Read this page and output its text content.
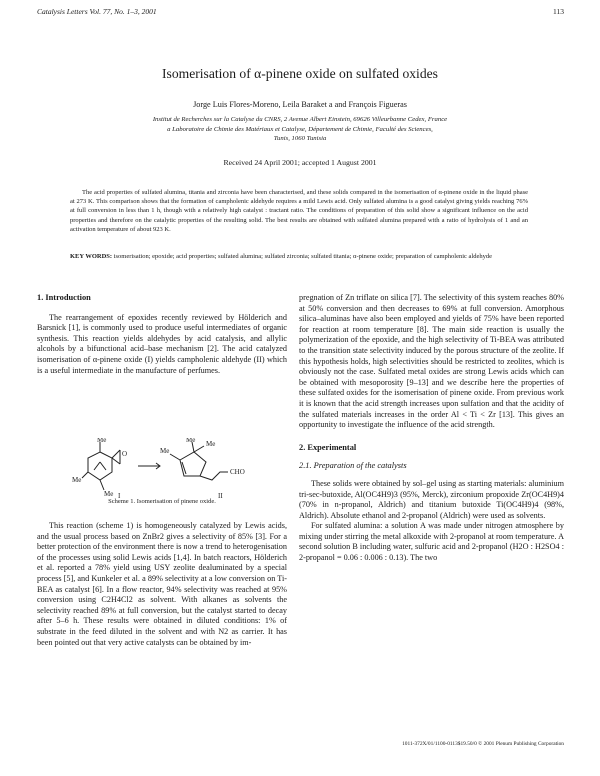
Catalysis Letters Vol. 77, No. 1–3, 2001	113
Isomerisation of α-pinene oxide on sulfated oxides
Jorge Luis Flores-Moreno, Leila Baraket a and François Figueras
Institut de Recherches sur la Catalyse du CNRS, 2 Avenue Albert Einstein, 69626 Villeurbanne Cedex, France
a Laboratoire de Chimie des Matériaux et Catalyse, Département de Chimie, Faculté des Sciences,
Tunis, 1060 Tunisia
Received 24 April 2001; accepted 1 August 2001

The acid properties of sulfated alumina, titania and zirconia have been characterised, and these solids compared in the isomerisation of α-pinene oxide in the liquid phase at 273 K. This comparison shows that the formation of campholenic aldehyde requires a mild Lewis acid. Only sulfated alumina is a good catalyst giving yields reaching 76% at full conversion in less than 1 h, though with a relatively high catalyst : tractant ratio. The conditions of preparation of this solid show a significant influence on the acid properties and therefore on the catalytic properties of the resulting solid. The best results are obtained with sulfated alumina prepared with a ratio of hydrolysis of 1 and an activation temperature of about 923 K.

KEY WORDS: isomerisation; epoxide; acid properties; sulfated alumina; sulfated zirconia; sulfated titania; α-pinene oxide; preparation of campholenic aldehyde

1. Introduction

The rearrangement of epoxides recently reviewed by Hölderich and Barsnick [1], is commonly used to produce useful intermediates of organic synthesis. This reaction yields aldehydes by acid catalysis, and allylic alcohols by a bifunctional acid–base mechanism [2]. The acid catalyzed isomerisation of α-pinene oxide (I) yields campholenic aldehyde (II) which is a useful intermediate in the manufacture of perfumes.

Me
O
Me
Me I
Me
Me Me
CHO
II
Scheme 1. Isomerisation of pinene oxide.

This reaction (scheme 1) is homogeneously catalyzed by Lewis acids, and the usual process based on ZnBr2 gives a selectivity of 85% [3]. For a better protection of the environment there is now a trend to heterogenisation of the processes using solid Lewis acids [1,4]. In batch reactors, Hölderich et al. reported a 78% yield using USY zeolite dealuminated by a special process [5], and Kunkeler et al. a 89% selectivity at a low conversion on Ti-BEA as catalyst [6]. In a flow reactor, 94% selectivity was reached at 95% conversion using C2H4Cl2 as solvent. With alkanes as solvents the selectivity reached 89% at full conversion, but the catalyst started to decay after 5–6 h. These results were obtained in diluted conditions: 1% of substrate in the feed diluted in the solvent and with N2 as carrier. It has been pointed out that very active catalysts can be obtained by im-

pregnation of Zn triflate on silica [7]. The selectivity of this system reaches 80% at 50% conversion and then decreases to 69% at full conversion. Amorphous silica–aluminas have also been employed and yields of 75% have been reported for reaction at room temperature [8]. The main side reaction is usually the polymerization of the epoxide, and the high selectivity of Ti-BEA was attributed to the transition state selectivity induced by the porous structure of the zeolite. If this hypothesis holds, high selectivities should be restricted to zeolites, which is obviously not the case. Sulfated metal oxides are strong Lewis acids which can be obtained with mesoporosity [9–13] and we describe here the properties of these sulfated oxides for the isomerisation of pinene oxide. From previous work it is known that the acid strength increases upon sulfation and that the acidity of the sulfated materials increases in the order Al < Ti < Zr [13]. This gives an opportunity to investigate the influence of the acid strength.

2. Experimental

2.1. Preparation of the catalysts

These solids were obtained by sol–gel using as starting materials: aluminium tri-sec-butoxide, Al(OC4H9)3 (95%, Merck), zirconium propoxide Zr(OC4H9)4 (70% in n-propanol, Aldrich) and titanium butoxide Ti(OC4H9)4 (98%, Aldrich). Absolute ethanol and 2-propanol (Aldrich) were used as solvents.

For sulfated alumina: a solution A was made under nitrogen atmosphere by mixing under stirring the metal alkoxide with 2-propanol at room temperature. A second solution B including water, sulfuric acid and 2-propanol (H2O : H2SO4 : 2-propanol = 0.06 : 0.006 : 0.13). The two

1011-372X/01/1100-0113$19.50/0 © 2001 Plenum Publishing Corporation
